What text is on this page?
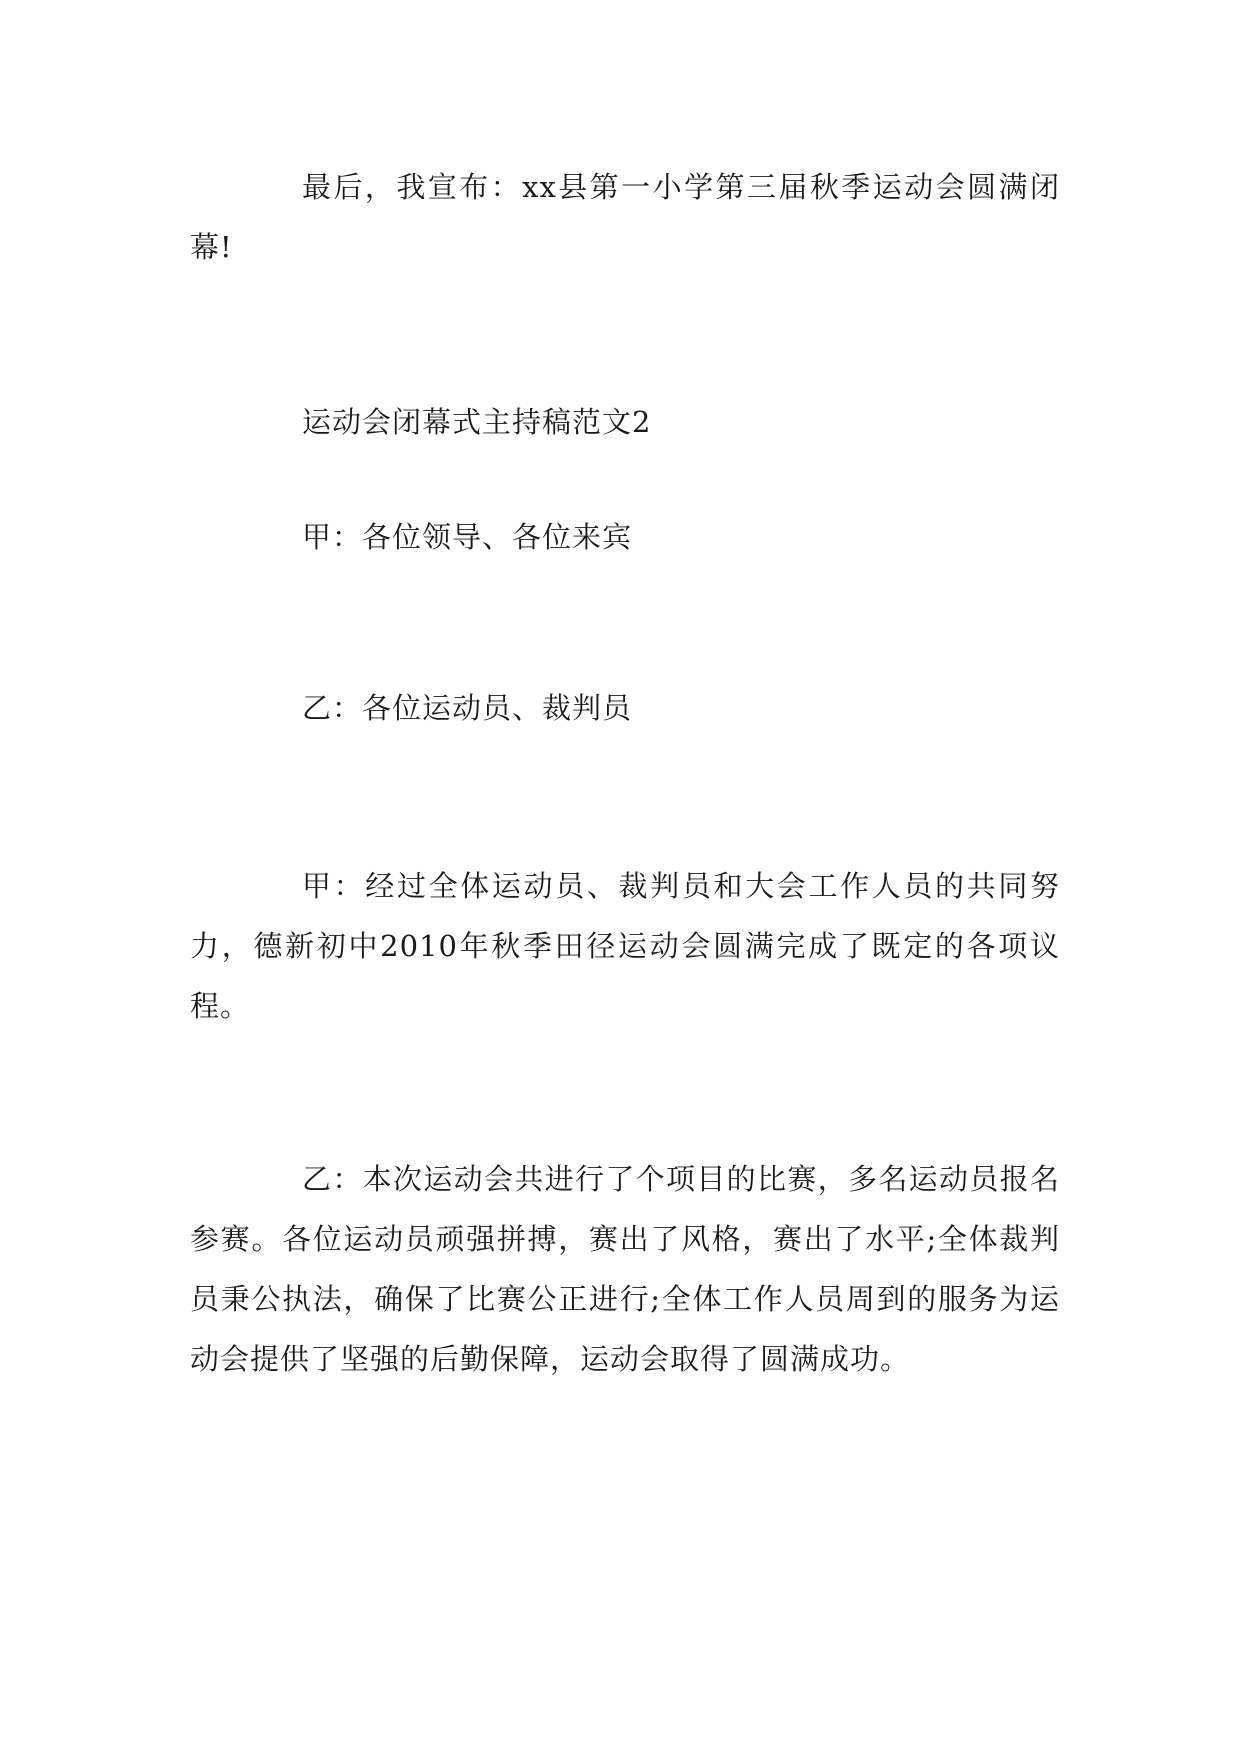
最后，我宣布：xx县第一小学第三届秋季运动会圆满闭幕!

运动会闭幕式主持稿范文2

甲：各位领导、各位来宾

乙：各位运动员、裁判员

甲：经过全体运动员、裁判员和大会工作人员的共同努力，德新初中2010年秋季田径运动会圆满完成了既定的各项议程。

乙：本次运动会共进行了个项目的比赛，多名运动员报名参赛。各位运动员顽强拼搏，赛出了风格，赛出了水平;全体裁判员秉公执法，确保了比赛公正进行;全体工作人员周到的服务为运动会提供了坚强的后勤保障，运动会取得了圆满成功。
